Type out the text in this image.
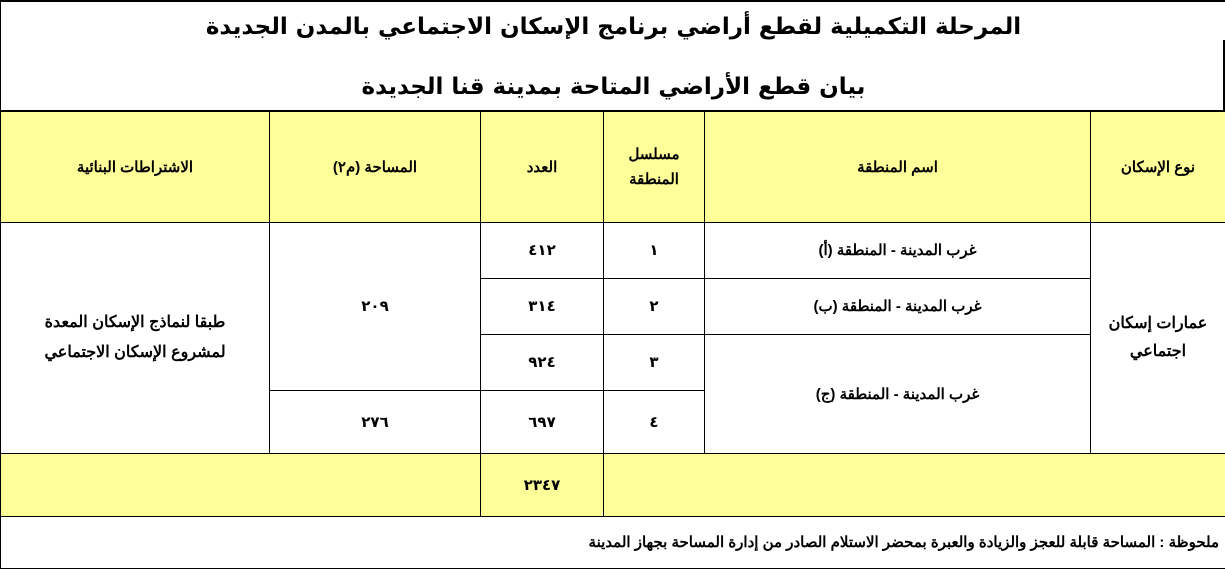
المرحلة التكميلية لقطع أراضي برنامج الإسكان الاجتماعي بالمدن الجديدة
بيان قطع الأراضي المتاحة بمدينة قنا الجديدة
نوع الإسكان	اسم المنطقة	مسلسل المنطقة	العدد	المساحة (م٢)	الاشتراطات البنائية
عمارات إسكان اجتماعي	غرب المدينة - المنطقة (أ)	١	٤١٢	٢٠٩	طبقا لنماذج الإسكان المعدة لمشروع الإسكان الاجتماعي
	غرب المدينة - المنطقة (ب)	٢	٣١٤		
	غرب المدينة - المنطقة (ج)	٣	٩٢٤		
		٤	٦٩٧	٢٧٦	
			٢٣٤٧		
ملحوظة : المساحة قابلة للعجز والزيادة والعبرة بمحضر الاستلام الصادر من إدارة المساحة بجهاز المدينة					
